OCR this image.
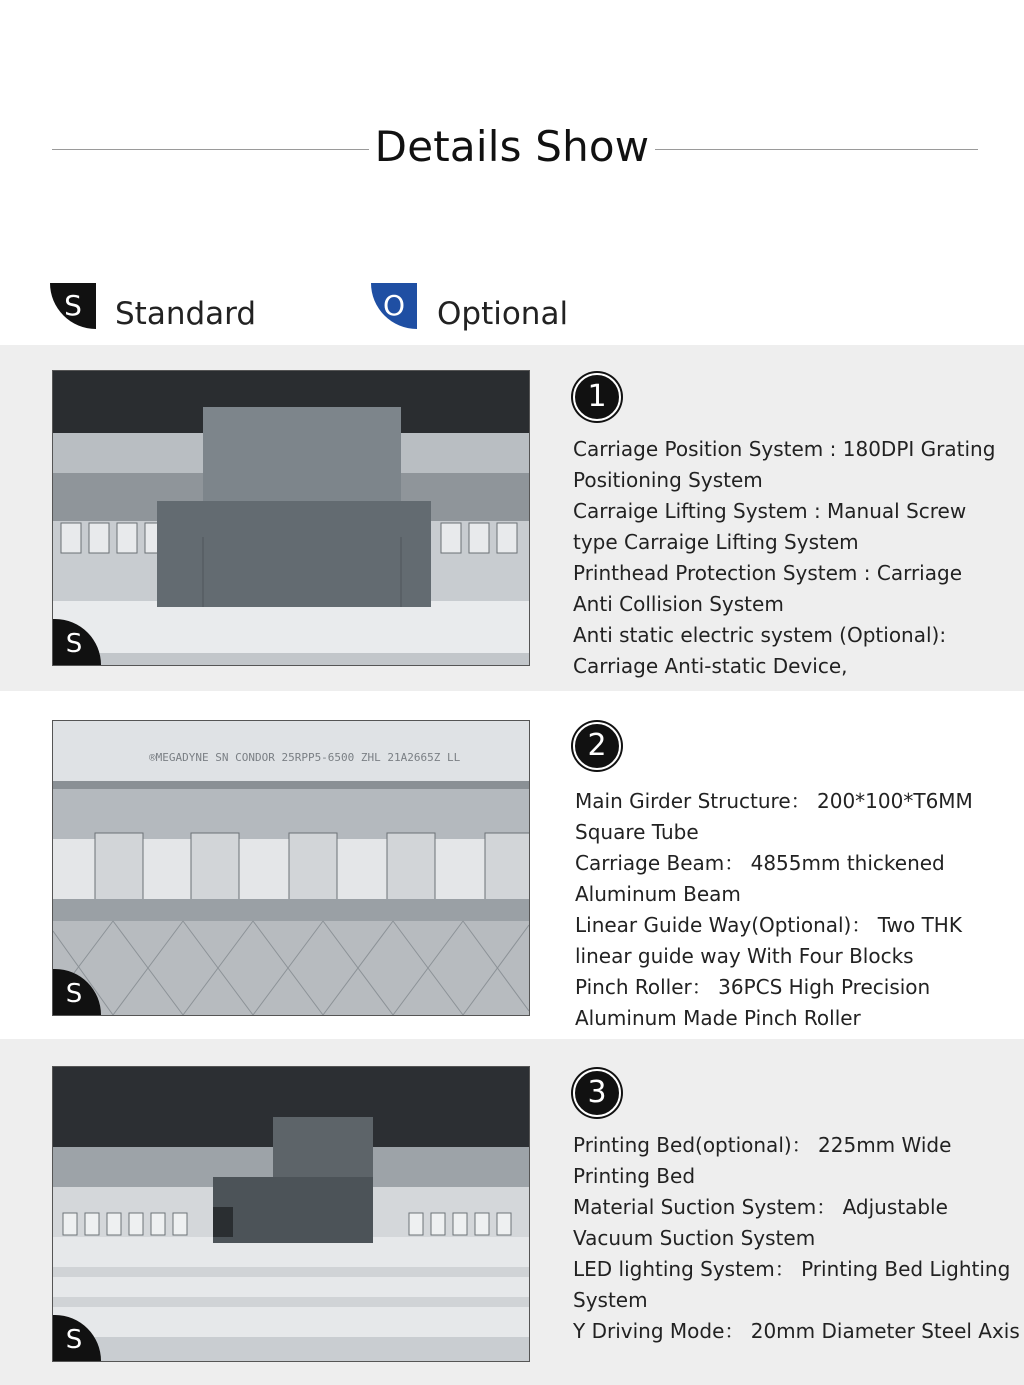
Details Show
S	Standard	O	Optional
S
1
Carriage Position System : 180DPI Grating
Positioning System
Carraige Lifting System : Manual Screw
type Carraige Lifting System
Printhead Protection System : Carriage
Anti Collision System
Anti static electric system (Optional):
Carriage Anti-static Device,
®MEGADYNE SN CONDOR 25RPP5-6500 ZHL 21A2665Z LL
S
2
Main Girder Structure： 200*100*T6MM
Square Tube
Carriage Beam： 4855mm thickened
Aluminum Beam
Linear Guide Way(Optional)： Two THK
linear guide way With Four Blocks
Pinch Roller： 36PCS High Precision
Aluminum Made Pinch Roller
S
3
Printing Bed(optional)： 225mm Wide
Printing Bed
Material Suction System： Adjustable
Vacuum Suction System
LED lighting System： Printing Bed Lighting
System
Y Driving Mode： 20mm Diameter Steel Axis
